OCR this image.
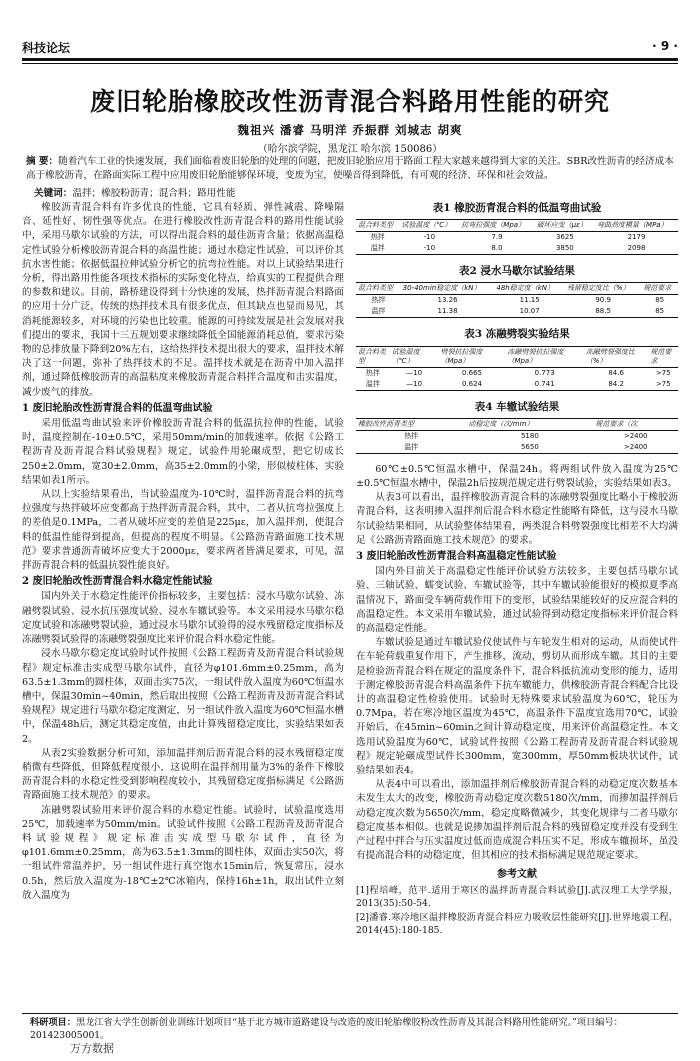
科技论坛	· 9 ·
废旧轮胎橡胶改性沥青混合料路用性能的研究
魏祖兴 潘睿 马明洋 乔振群 刘城志 胡爽
（哈尔滨学院，黑龙江 哈尔滨 150086）
摘 要：随着汽车工业的快速发展，我们面临着废旧轮胎的处理的问题，把废旧轮胎应用于路面工程大家越来越得到大家的关注。SBR改性沥青的经济成本高于橡胶沥青，在路面实际工程中应用废旧轮胎能够保环境，变废为宝，使噪音得到降低，有可观的经济、环保和社会效益。
关键词：温拌；橡胶粉沥青；混合料；路用性能

橡胶沥青混合料有许多优良的性能，它具有轻质、弹性减震、降噪隔音、延性好、韧性强等优点。在进行橡胶改性沥青混合料的路用性能试验中，采用马歇尔试验的方法，可以得出混合料的最佳沥青含量；依据高温稳定性试验分析橡胶沥青混合料的高温性能；通过水稳定性试验，可以评价其抗水害性能；依据低温拉伸试验分析它的抗弯拉性能。对以上试验结果进行分析，得出路用性能各项技术指标的实际变化特点，给真实的工程提供合理的参数和建议。目前，路桥建设得到十分快速的发展，热拌沥青混合料路面的应用十分广泛，传统的热拌技术具有很多优点，但其缺点也显而易见，其消耗能源较多，对环境的污染也比较重。能源的可持续发展是社会发展对我们提出的要求，我国十三五规划要求继续降低全国能源消耗总值，要求污染物的总排放量下降到20%左右，这给热拌技术提出很大的要求，温拌技术解决了这一问题，弥补了热拌技术的不足。温拌技术就是在沥青中加入温拌剂，通过降低橡胶沥青的高温粘度来橡胶沥青混合料拌合温度和击实温度，减少废气的排放。

1 废旧轮胎改性沥青混合料的低温弯曲试验

采用低温弯曲试验来评价橡胶沥青混合料的低温抗拉伸的性能，试验时，温度控制在-10±0.5℃，采用50mm/min的加载速率。依据《公路工程沥青及沥青混合料试验规程》规定，试验件用轮碾成型，把它切成长250±2.0mm，宽30±2.0mm，高35±2.0mm的小梁，形似棱柱体，实验结果如表1所示。

从以上实验结果看出，当试验温度为-10℃时，温拌沥青混合料的抗弯拉强度与热拌破坏应变都高于热拌沥青混合料，其中，二者从抗弯拉强度上的差值是0.1MPa，二者从破坏应变的差值是225με，加入温拌剂，使混合料的低温性能得到提高，但提高的程度不明显。《公路沥青路面施工技术规范》要求普通沥青破坏应变大于2000με，要求两者皆满足要求，可见，温拌沥青混合料的低温抗裂性能良好。

2 废旧轮胎改性沥青混合料水稳定性能试验

国内外关于水稳定性能评价指标较多，主要包括：浸水马歇尔试验、冻融劈裂试验、浸水抗压强度试验、浸水车辙试验等。本文采用浸水马歇尔稳定度试验和冻融劈裂试验，通过浸水马歇尔试验得的浸水残留稳定度指标及冻融劈裂试验得的冻融劈裂强度比来评价混合料水稳定性能。

浸水马歇尔稳定度试验时试件按照《公路工程沥青及沥青混合料试验规程》规定标准击实成型马歇尔试件，直径为φ101.6mm±0.25mm，高为63.5±1.3mm的圆柱体，双面击实75次，一组试件放入温度为60℃恒温水槽中，保温30min~40min，然后取出按照《公路工程沥青及沥青混合料试验规程》规定进行马歇尔稳定度测定，另一组试件放入温度为60℃恒温水槽中，保温48h后，测定其稳定度值，由此计算残留稳定度比，实验结果如表2。

从表2实验数据分析可知，添加温拌剂后沥青混合料的浸水残留稳定度稍微有些降低，但降低程度很小，这说明在温拌剂用量为3%的条件下橡胶沥青混合料的水稳定性受到影响程度较小，其残留稳定度指标满足《公路沥青路面施工技术规范》的要求。

冻融劈裂试验用来评价混合料的水稳定性能。试验时，试验温度选用25℃，加载速率为50mm/min。试验试件按照《公路工程沥青及沥青混合料试验规程》规定标准击实成型马歇尔试件，直径为φ101.6mm±0.25mm，高为63.5±1.3mm的圆柱体，双面击实50次，将一组试件常温养护，另一组试件进行真空饱水15min后，恢复常压，浸水0.5h，然后放入温度为-18℃±2℃冰箱内，保持16h±1h，取出试件立刻放入温度为

表1 橡胶沥青混合料的低温弯曲试验
混合料类型	试验温度（℃）	抗弯拉强度（Mpa）	破坏应变（με）	弯曲劲度模量（MPa）
热拌	-10	7.9	3625	2179
温拌	-10	8.0	3850	2098
表2 浸水马歇尔试验结果
混合料类型	30-40min稳定度（kN）	48h稳定度（kN）	残留稳定度比（%）	规范要求
热拌	13.26	11.15	90.9	85
温拌	11.38	10.07	88.5	85
表3 冻融劈裂实验结果
混合料类型	试验温度（℃）	劈裂抗拉强度（Mpa）	冻融劈裂抗拉强度（Mpa）	冻融劈裂强度比（%）	规范要求
热拌	—10	0.665	0.773	84.6	>75
温拌	—10	0.624	0.741	84.2	>75
表4 车辙试验结果
橡胶改性沥青类型	动稳定度（次/mm）	规范要求（次
热拌	5180	>2400
温拌	5650	>2400

60℃±0.5℃恒温水槽中，保温24h。将两组试件放入温度为25℃±0.5℃恒温水槽中，保温2h后按规范规定进行劈裂试验，实验结果如表3。

从表3可以看出，温拌橡胶沥青混合料的冻融劈裂强度比略小于橡胶沥青混合料，这表明掺入温拌剂后混合料水稳定性能略有降低，这与浸水马歇尔试验结果相同，从试验整体结果看，两类混合料劈裂强度比相差不大均满足《公路沥青路面施工技术规范》的要求。

3 废旧轮胎改性沥青混合料高温稳定性能试验

国内外目前关于高温稳定性能评价试验方法较多，主要包括马歇尔试验、三轴试验、蠕变试验、车辙试验等，其中车辙试验能很好的模拟夏季高温情况下，路面受车辆荷载作用下的变形，试验结果能较好的反应混合料的高温稳定性。本文采用车辙试验，通过试验得到动稳定度指标来评价混合料的高温稳定性能。

车辙试验是通过车辙试验仪使试件与车轮发生相对的运动，从而使试件在车轮荷载重复作用下，产生推移，流动，剪切从而形成车辙。其目的主要是检验沥青混合料在规定的温度条件下，混合料抵抗流动变形的能力，适用于测定橡胶沥青混合料高温条件下抗车辙能力，供橡胶沥青混合料配合比设计的高温稳定性检验使用。试验时无特殊要求试验温度为60℃，轮压为0.7Mpa，若在寒冷地区温度为45℃，高温条件下温度宜选用70℃，试验开始后，在45min~60min之间计算动稳定度，用来评价高温稳定性。本文选用试验温度为60℃，试验试件按照《公路工程沥青及沥青混合料试验规程》规定轮碾成型试件长300mm，宽300mm，厚50mm板块状试件，试验结果如表4。

从表4中可以看出，添加温拌剂后橡胶沥青混合料的动稳定度次数基本未发生太大的改变，橡胶沥青动稳定度次数5180次/mm，而掺加温拌剂后动稳定度次数为5650次/mm，稳定度略微减少，其变化规律与二者马歇尔稳定度基本相似。也就是说掺加温拌剂后混合料的残留稳定度并没有受到生产过程中拌合与压实温度过低而造成混合料压实不足，形成车辙损坏，虽没有提高混合料的动稳定度，但其相应的技术指标满足规范规定要求。

参考文献

[1]程培峰，范平.适用于寒区的温拌沥青混合料试验[J].武汉理工大学学报，2013(35):50-54.

[2]潘睿.寒冷地区温拌橡胶沥青混合料应力吸收层性能研究[J].世界地震工程，2014(45):180-185.

科研项目：黑龙江省大学生创新创业训练计划项目“基于北方城市道路建设与改造的废旧轮胎橡胶粉改性沥青及其混合料路用性能研究。”项目编号：201423005001。
万方数据
